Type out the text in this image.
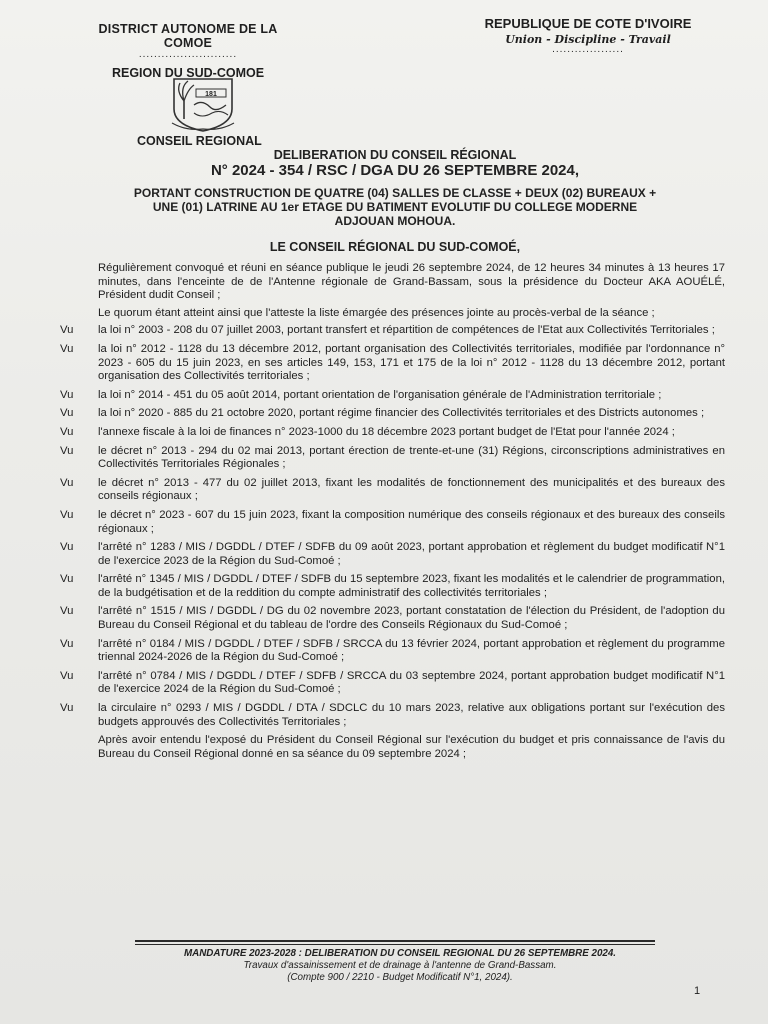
DISTRICT AUTONOME DE LA COMOE
..........................
REGION DU SUD-COMOE
REPUBLIQUE DE COTE D'IVOIRE
Union - Discipline - Travail
...................
181
CONSEIL REGIONAL
DELIBERATION DU CONSEIL RÉGIONAL
N° 2024 - 354 / RSC / DGA DU 26 SEPTEMBRE 2024,
PORTANT CONSTRUCTION DE QUATRE (04) SALLES DE CLASSE + DEUX (02) BUREAUX +
UNE (01) LATRINE AU 1er ETAGE DU BATIMENT EVOLUTIF DU COLLEGE MODERNE
ADJOUAN MOHOUA.
LE CONSEIL RÉGIONAL DU SUD-COMOÉ,
Régulièrement convoqué et réuni en séance publique le jeudi 26 septembre 2024, de 12 heures 34 minutes à 13 heures 17 minutes, dans l'enceinte de de l'Antenne régionale de Grand-Bassam, sous la présidence du Docteur AKA AOUÉLÉ, Président dudit Conseil ;
Le quorum étant atteint ainsi que l'atteste la liste émargée des présences jointe au procès-verbal de la séance ;
Vu la loi n° 2003 - 208 du 07 juillet 2003, portant transfert et répartition de compétences de l'Etat aux Collectivités Territoriales ;
Vu la loi n° 2012 - 1128 du 13 décembre 2012, portant organisation des Collectivités territoriales, modifiée par l'ordonnance n° 2023 - 605 du 15 juin 2023, en ses articles 149, 153, 171 et 175 de la loi n° 2012 - 1128 du 13 décembre 2012, portant organisation des Collectivités territoriales ;
Vu la loi n° 2014 - 451 du 05 août 2014, portant orientation de l'organisation générale de l'Administration territoriale ;
Vu la loi n° 2020 - 885 du 21 octobre 2020, portant régime financier des Collectivités territoriales et des Districts autonomes ;
Vu l'annexe fiscale à la loi de finances n° 2023-1000 du 18 décembre 2023 portant budget de l'Etat pour l'année 2024 ;
Vu le décret n° 2013 - 294 du 02 mai 2013, portant érection de trente-et-une (31) Régions, circonscriptions administratives en Collectivités Territoriales Régionales ;
Vu le décret n° 2013 - 477 du 02 juillet 2013, fixant les modalités de fonctionnement des municipalités et des bureaux des conseils régionaux ;
Vu le décret n° 2023 - 607 du 15 juin 2023, fixant la composition numérique des conseils régionaux et des bureaux des conseils régionaux ;
Vu l'arrêté n° 1283 / MIS / DGDDL / DTEF / SDFB du 09 août 2023, portant approbation et règlement du budget modificatif N°1 de l'exercice 2023 de la Région du Sud-Comoé ;
Vu l'arrêté n° 1345 / MIS / DGDDL / DTEF / SDFB du 15 septembre 2023, fixant les modalités et le calendrier de programmation, de la budgétisation et de la reddition du compte administratif des collectivités territoriales ;
Vu l'arrêté n° 1515 / MIS / DGDDL / DG du 02 novembre 2023, portant constatation de l'élection du Président, de l'adoption du Bureau du Conseil Régional et du tableau de l'ordre des Conseils Régionaux du Sud-Comoé ;
Vu l'arrêté n° 0184 / MIS / DGDDL / DTEF / SDFB / SRCCA du 13 février 2024, portant approbation et règlement du programme triennal 2024-2026 de la Région du Sud-Comoé ;
Vu l'arrêté n° 0784 / MIS / DGDDL / DTEF / SDFB / SRCCA du 03 septembre 2024, portant approbation budget modificatif N°1 de l'exercice 2024 de la Région du Sud-Comoé ;
Vu la circulaire n° 0293 / MIS / DGDDL / DTA / SDCLC du 10 mars 2023, relative aux obligations portant sur l'exécution des budgets approuvés des Collectivités Territoriales ;
Après avoir entendu l'exposé du Président du Conseil Régional sur l'exécution du budget et pris connaissance de l'avis du Bureau du Conseil Régional donné en sa séance du 09 septembre 2024 ;
MANDATURE 2023-2028 : DELIBERATION DU CONSEIL REGIONAL DU 26 SEPTEMBRE 2024.
Travaux d'assainissement et de drainage à l'antenne de Grand-Bassam.
(Compte 900 / 2210 - Budget Modificatif N°1, 2024).
1
